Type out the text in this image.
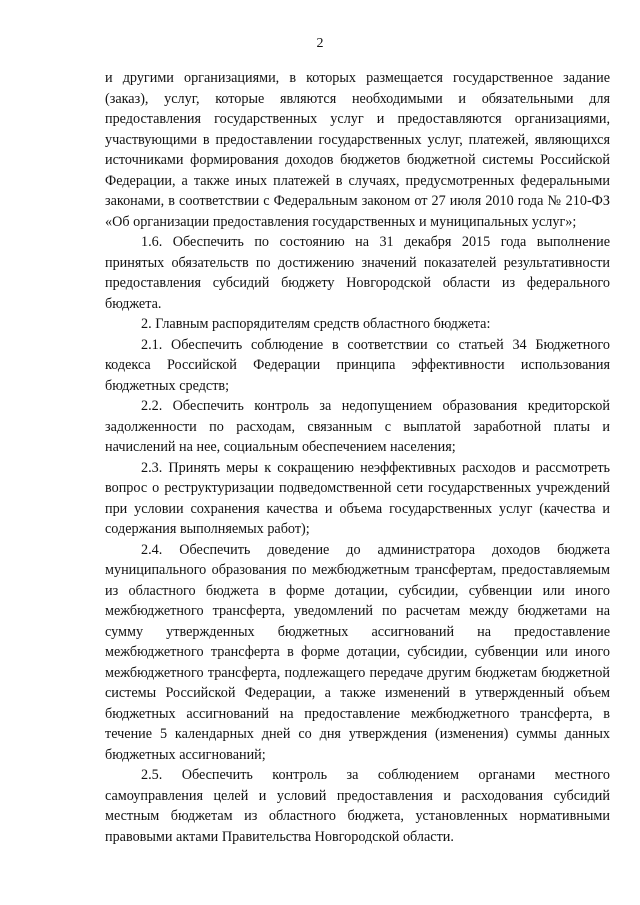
2

и другими организациями, в которых размещается государственное задание (заказ), услуг, которые являются необходимыми и обязательными для предоставления государственных услуг и предоставляются организациями, участвующими в предоставлении государственных услуг, платежей, являющихся источниками формирования доходов бюджетов бюджетной системы Российской Федерации, а также иных платежей в случаях, предусмотренных федеральными законами, в соответствии с Федеральным законом от 27 июля 2010 года № 210-ФЗ «Об организации предоставления государственных и муниципальных услуг»;

1.6. Обеспечить по состоянию на 31 декабря 2015 года выполнение принятых обязательств по достижению значений показателей результативности предоставления субсидий бюджету Новгородской области из федерального бюджета.

2. Главным распорядителям средств областного бюджета:

2.1. Обеспечить соблюдение в соответствии со статьей 34 Бюджетного кодекса Российской Федерации принципа эффективности использования бюджетных средств;

2.2. Обеспечить контроль за недопущением образования кредиторской задолженности по расходам, связанным с выплатой заработной платы и начислений на нее, социальным обеспечением населения;

2.3. Принять меры к сокращению неэффективных расходов и рассмотреть вопрос о реструктуризации подведомственной сети государственных учреждений при условии сохранения качества и объема государственных услуг (качества и содержания выполняемых работ);

2.4. Обеспечить доведение до администратора доходов бюджета муниципального образования по межбюджетным трансфертам, предоставляемым из областного бюджета в форме дотации, субсидии, субвенции или иного межбюджетного трансферта, уведомлений по расчетам между бюджетами на сумму утвержденных бюджетных ассигнований на предоставление межбюджетного трансферта в форме дотации, субсидии, субвенции или иного межбюджетного трансферта, подлежащего передаче другим бюджетам бюджетной системы Российской Федерации, а также изменений в утвержденный объем бюджетных ассигнований на предоставление межбюджетного трансферта, в течение 5 календарных дней со дня утверждения (изменения) суммы данных бюджетных ассигнований;

2.5. Обеспечить контроль за соблюдением органами местного самоуправления целей и условий предоставления и расходования субсидий местным бюджетам из областного бюджета, установленных нормативными правовыми актами Правительства Новгородской области.
